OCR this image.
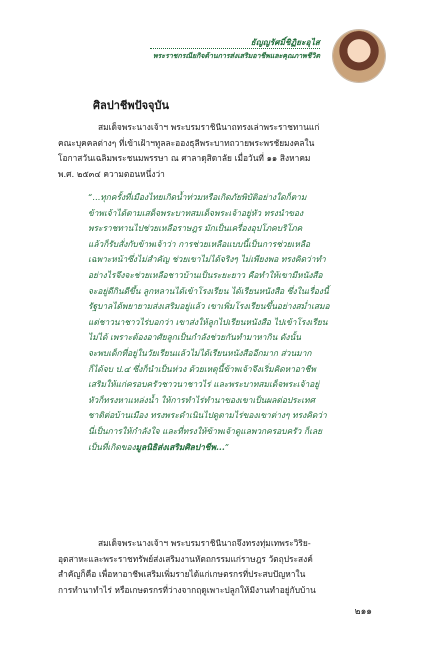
ธัญญรัศมิ์ชิฏิยะอุไส
พระราชกรณียกิจด้านการส่งเสริมอาชีพและคุณภาพชีวิต
ศิลปาชีพปัจจุบัน

สมเด็จพระนางเจ้าฯ พระบรมราชินีนาถทรงเล่าพระราชทานแก่

คณะบุคคลต่างๆ ที่เข้าเฝ้าฯทูลละอองธุลีพระบาทถวายพระพรชัยมงคลใน

โอกาสวันเฉลิมพระชนมพรรษา ณ ศาลาดุสิดาลัย เมื่อวันที่ ๑๑ สิงหาคม

พ.ศ. ๒๕๓๔ ความตอนหนึ่งว่า

“...ทุกครั้งที่เมืองไทยเกิดน้ำท่วมหรือเกิดภัยพิบัติอย่างใดก็ตาม

ข้าพเจ้าได้ตามเสด็จพระบาทสมเด็จพระเจ้าอยู่หัว ทรงนำของ

พระราชทานไปช่วยเหลือราษฎร มักเป็นเครื่องอุปโภคบริโภค

แล้วก็รับสั่งกับข้าพเจ้าว่า การช่วยเหลือแบบนี้เป็นการช่วยเหลือ

เฉพาะหน้าซึ่งไม่สำคัญ ช่วยเขาไม่ได้จริงๆ ไม่เพียงพอ ทรงคิดว่าทำ

อย่างไรจึงจะช่วยเหลือชาวบ้านเป็นระยะยาว คือทำให้เขามีหนังสือ

จะอยู่ดีกินดีขึ้น ลูกหลานได้เข้าโรงเรียน ได้เรียนหนังสือ ซึ่งในเรื่องนี้

รัฐบาลได้พยายามส่งเสริมอยู่แล้ว เขาเพิ่มโรงเรียนขึ้นอย่างสม่ำเสมอ

แต่ชาวนาชาวไร่บอกว่า เขาส่งให้ลูกไปเรียนหนังสือ ไปเข้าโรงเรียน

ไม่ได้ เพราะต้องอาศัยลูกเป็นกำลังช่วยกันทำมาหากิน ดังนั้น

จะพบเด็กที่อยู่ในวัยเรียนแล้วไม่ได้เรียนหนังสืออีกมาก ส่วนมาก

ก็ได้จบ ป.๔ ซึ่งก็นำเป็นห่วง ด้วยเหตุนี้ข้าพเจ้าจึงเริ่มคิดหาอาชีพ

เสริมให้แก่ครอบครัวชาวนาชาวไร่ และพระบาทสมเด็จพระเจ้าอยู่

หัวก็ทรงหาแหล่งน้ำ ให้การทำไร่ทำนาของเขาเป็นผลต่อประเทศ

ชาติต่อบ้านเมือง ทรงพระดำเนินไปดูตามไร่ของเขาต่างๆ ทรงคิดว่า

นี่เป็นการให้กำลังใจ และที่ทรงให้ข้าพเจ้าดูแลพวกครอบครัว ก็เลย

เป็นที่เกิดของมูลนิธิส่งเสริมศิลปาชีพ...”

สมเด็จพระนางเจ้าฯ พระบรมราชินีนาถจึงทรงทุ่มเทพระวิริย-

อุตสาหะและพระราชทรัพย์ส่งเสริมงานหัตถกรรมแก่ราษฎร วัตถุประสงค์

สำคัญก็คือ เพื่อหาอาชีพเสริมเพิ่มรายได้แก่เกษตรกรที่ประสบปัญหาใน

การทำนาทำไร่ หรือเกษตรกรที่ว่างจากฤดูเพาะปลูกให้มีงานทำอยู่กับบ้าน

๒๑๑
